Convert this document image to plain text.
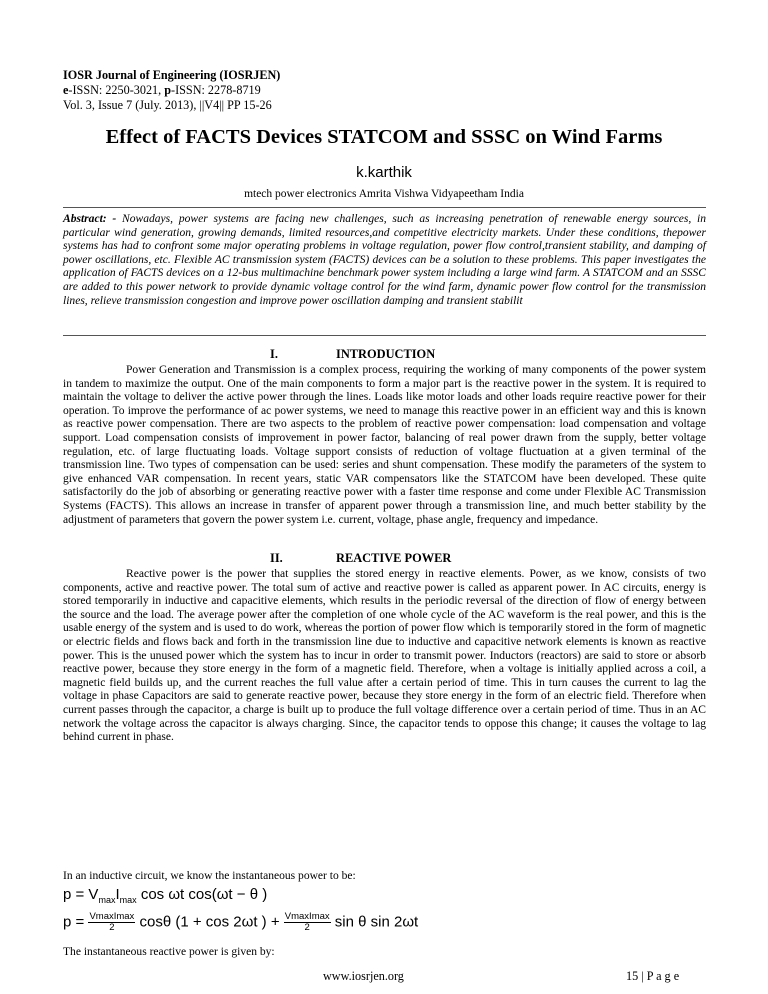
IOSR Journal of Engineering (IOSRJEN)
e-ISSN: 2250-3021, p-ISSN: 2278-8719
Vol. 3, Issue 7 (July. 2013), ||V4|| PP 15-26
Effect of FACTS Devices STATCOM and SSSC on Wind Farms
k.karthik
mtech power electronics Amrita Vishwa Vidyapeetham India

Abstract: - Nowadays, power systems are facing new challenges, such as increasing penetration of renewable energy sources, in particular wind generation, growing demands, limited resources,and competitive electricity markets. Under these conditions, thepower systems has had to confront some major operating problems in voltage regulation, power flow control,transient stability, and damping of power oscillations, etc. Flexible AC transmission system (FACTS) devices can be a solution to these problems. This paper investigates the application of FACTS devices on a 12-bus multimachine benchmark power system including a large wind farm. A STATCOM and an SSSC are added to this power network to provide dynamic voltage control for the wind farm, dynamic power flow control for the transmission lines, relieve transmission congestion and improve power oscillation damping and transient stabilit

I.	INTRODUCTION

Power Generation and Transmission is a complex process, requiring the working of many components of the power system in tandem to maximize the output. One of the main components to form a major part is the reactive power in the system. It is required to maintain the voltage to deliver the active power through the lines. Loads like motor loads and other loads require reactive power for their operation. To improve the performance of ac power systems, we need to manage this reactive power in an efficient way and this is known as reactive power compensation. There are two aspects to the problem of reactive power compensation: load compensation and voltage support. Load compensation consists of improvement in power factor, balancing of real power drawn from the supply, better voltage regulation, etc. of large fluctuating loads. Voltage support consists of reduction of voltage fluctuation at a given terminal of the transmission line. Two types of compensation can be used: series and shunt compensation. These modify the parameters of the system to give enhanced VAR compensation. In recent years, static VAR compensators like the STATCOM have been developed. These quite satisfactorily do the job of absorbing or generating reactive power with a faster time response and come under Flexible AC Transmission Systems (FACTS). This allows an increase in transfer of apparent power through a transmission line, and much better stability by the adjustment of parameters that govern the power system i.e. current, voltage, phase angle, frequency and impedance.

II.	REACTIVE POWER

Reactive power is the power that supplies the stored energy in reactive elements. Power, as we know, consists of two components, active and reactive power. The total sum of active and reactive power is called as apparent power. In AC circuits, energy is stored temporarily in inductive and capacitive elements, which results in the periodic reversal of the direction of flow of energy between the source and the load. The average power after the completion of one whole cycle of the AC waveform is the real power, and this is the usable energy of the system and is used to do work, whereas the portion of power flow which is temporarily stored in the form of magnetic or electric fields and flows back and forth in the transmission line due to inductive and capacitive network elements is known as reactive power. This is the unused power which the system has to incur in order to transmit power. Inductors (reactors) are said to store or absorb reactive power, because they store energy in the form of a magnetic field. Therefore, when a voltage is initially applied across a coil, a magnetic field builds up, and the current reaches the full value after a certain period of time. This in turn causes the current to lag the voltage in phase Capacitors are said to generate reactive power, because they store energy in the form of an electric field. Therefore when current passes through the capacitor, a charge is built up to produce the full voltage difference over a certain period of time. Thus in an AC network the voltage across the capacitor is always charging. Since, the capacitor tends to oppose this change; it causes the voltage to lag behind current in phase.

In an inductive circuit, we know the instantaneous power to be:

$p = V_{max}I_{max}$ cos ωt cos(ωt − θ )
$p = \frac{\text{VmaxImax}}{2}$ cosθ (1 + cos 2ωt ) + $\frac{\text{VmaxImax}}{2}$ sin θ sin 2ωt

The instantaneous reactive power is given by:

www.iosrjen.org	15 | P a g e
